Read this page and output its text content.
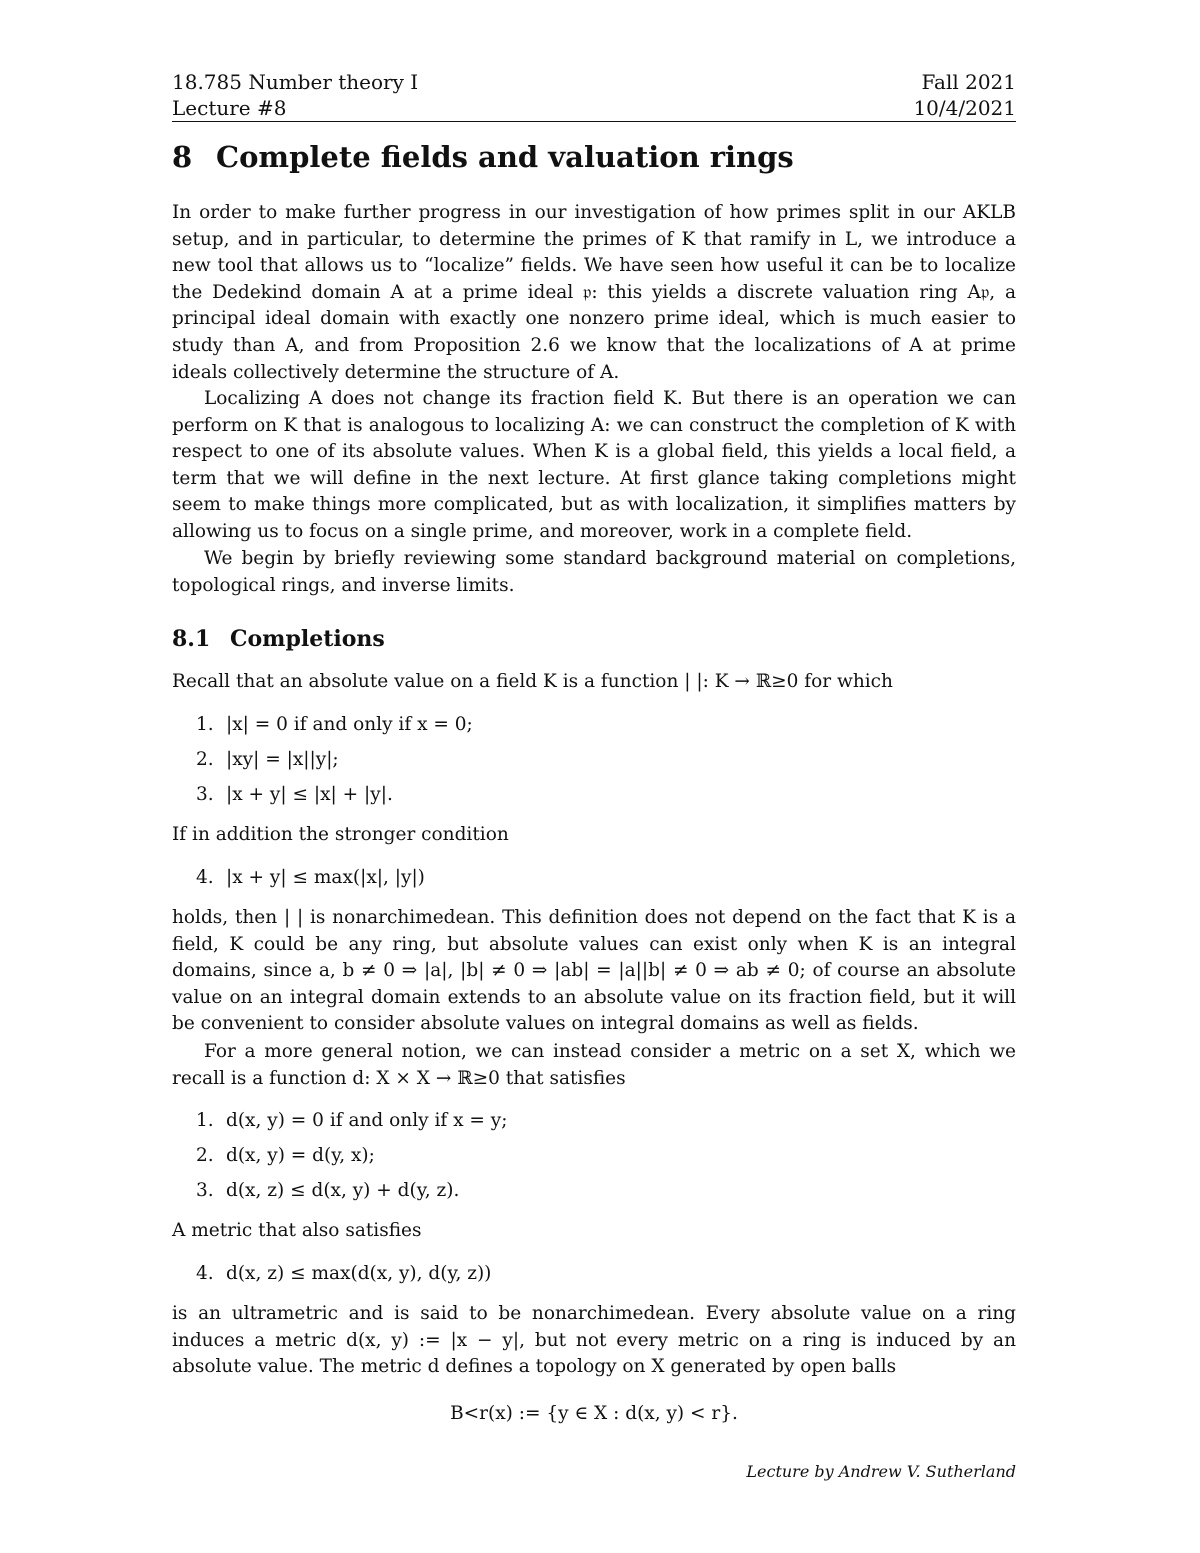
18.785 Number theory I	Fall 2021
Lecture #8	10/4/2021
8 Complete fields and valuation rings

In order to make further progress in our investigation of how primes split in our AKLB setup, and in particular, to determine the primes of K that ramify in L, we introduce a new tool that allows us to “localize” fields. We have seen how useful it can be to localize the Dedekind domain A at a prime ideal 𝔭: this yields a discrete valuation ring A𝔭, a principal ideal domain with exactly one nonzero prime ideal, which is much easier to study than A, and from Proposition 2.6 we know that the localizations of A at prime ideals collectively determine the structure of A.

Localizing A does not change its fraction field K. But there is an operation we can perform on K that is analogous to localizing A: we can construct the completion of K with respect to one of its absolute values. When K is a global field, this yields a local field, a term that we will define in the next lecture. At first glance taking completions might seem to make things more complicated, but as with localization, it simplifies matters by allowing us to focus on a single prime, and moreover, work in a complete field.

We begin by briefly reviewing some standard background material on completions, topological rings, and inverse limits.

8.1 Completions

Recall that an absolute value on a field K is a function | |: K → ℝ≥0 for which

1. |x| = 0 if and only if x = 0;
2. |xy| = |x||y|;
3. |x + y| ≤ |x| + |y|.

If in addition the stronger condition

4. |x + y| ≤ max(|x|, |y|)

holds, then | | is nonarchimedean. This definition does not depend on the fact that K is a field, K could be any ring, but absolute values can exist only when K is an integral domains, since a, b ≠ 0 ⇒ |a|, |b| ≠ 0 ⇒ |ab| = |a||b| ≠ 0 ⇒ ab ≠ 0; of course an absolute value on an integral domain extends to an absolute value on its fraction field, but it will be convenient to consider absolute values on integral domains as well as fields.

For a more general notion, we can instead consider a metric on a set X, which we recall is a function d: X × X → ℝ≥0 that satisfies

1. d(x, y) = 0 if and only if x = y;
2. d(x, y) = d(y, x);
3. d(x, z) ≤ d(x, y) + d(y, z).

A metric that also satisfies

4. d(x, z) ≤ max(d(x, y), d(y, z))

is an ultrametric and is said to be nonarchimedean. Every absolute value on a ring induces a metric d(x, y) := |x − y|, but not every metric on a ring is induced by an absolute value. The metric d defines a topology on X generated by open balls

B<r(x) := {y ∈ X : d(x, y) < r}.
Lecture by Andrew V. Sutherland
